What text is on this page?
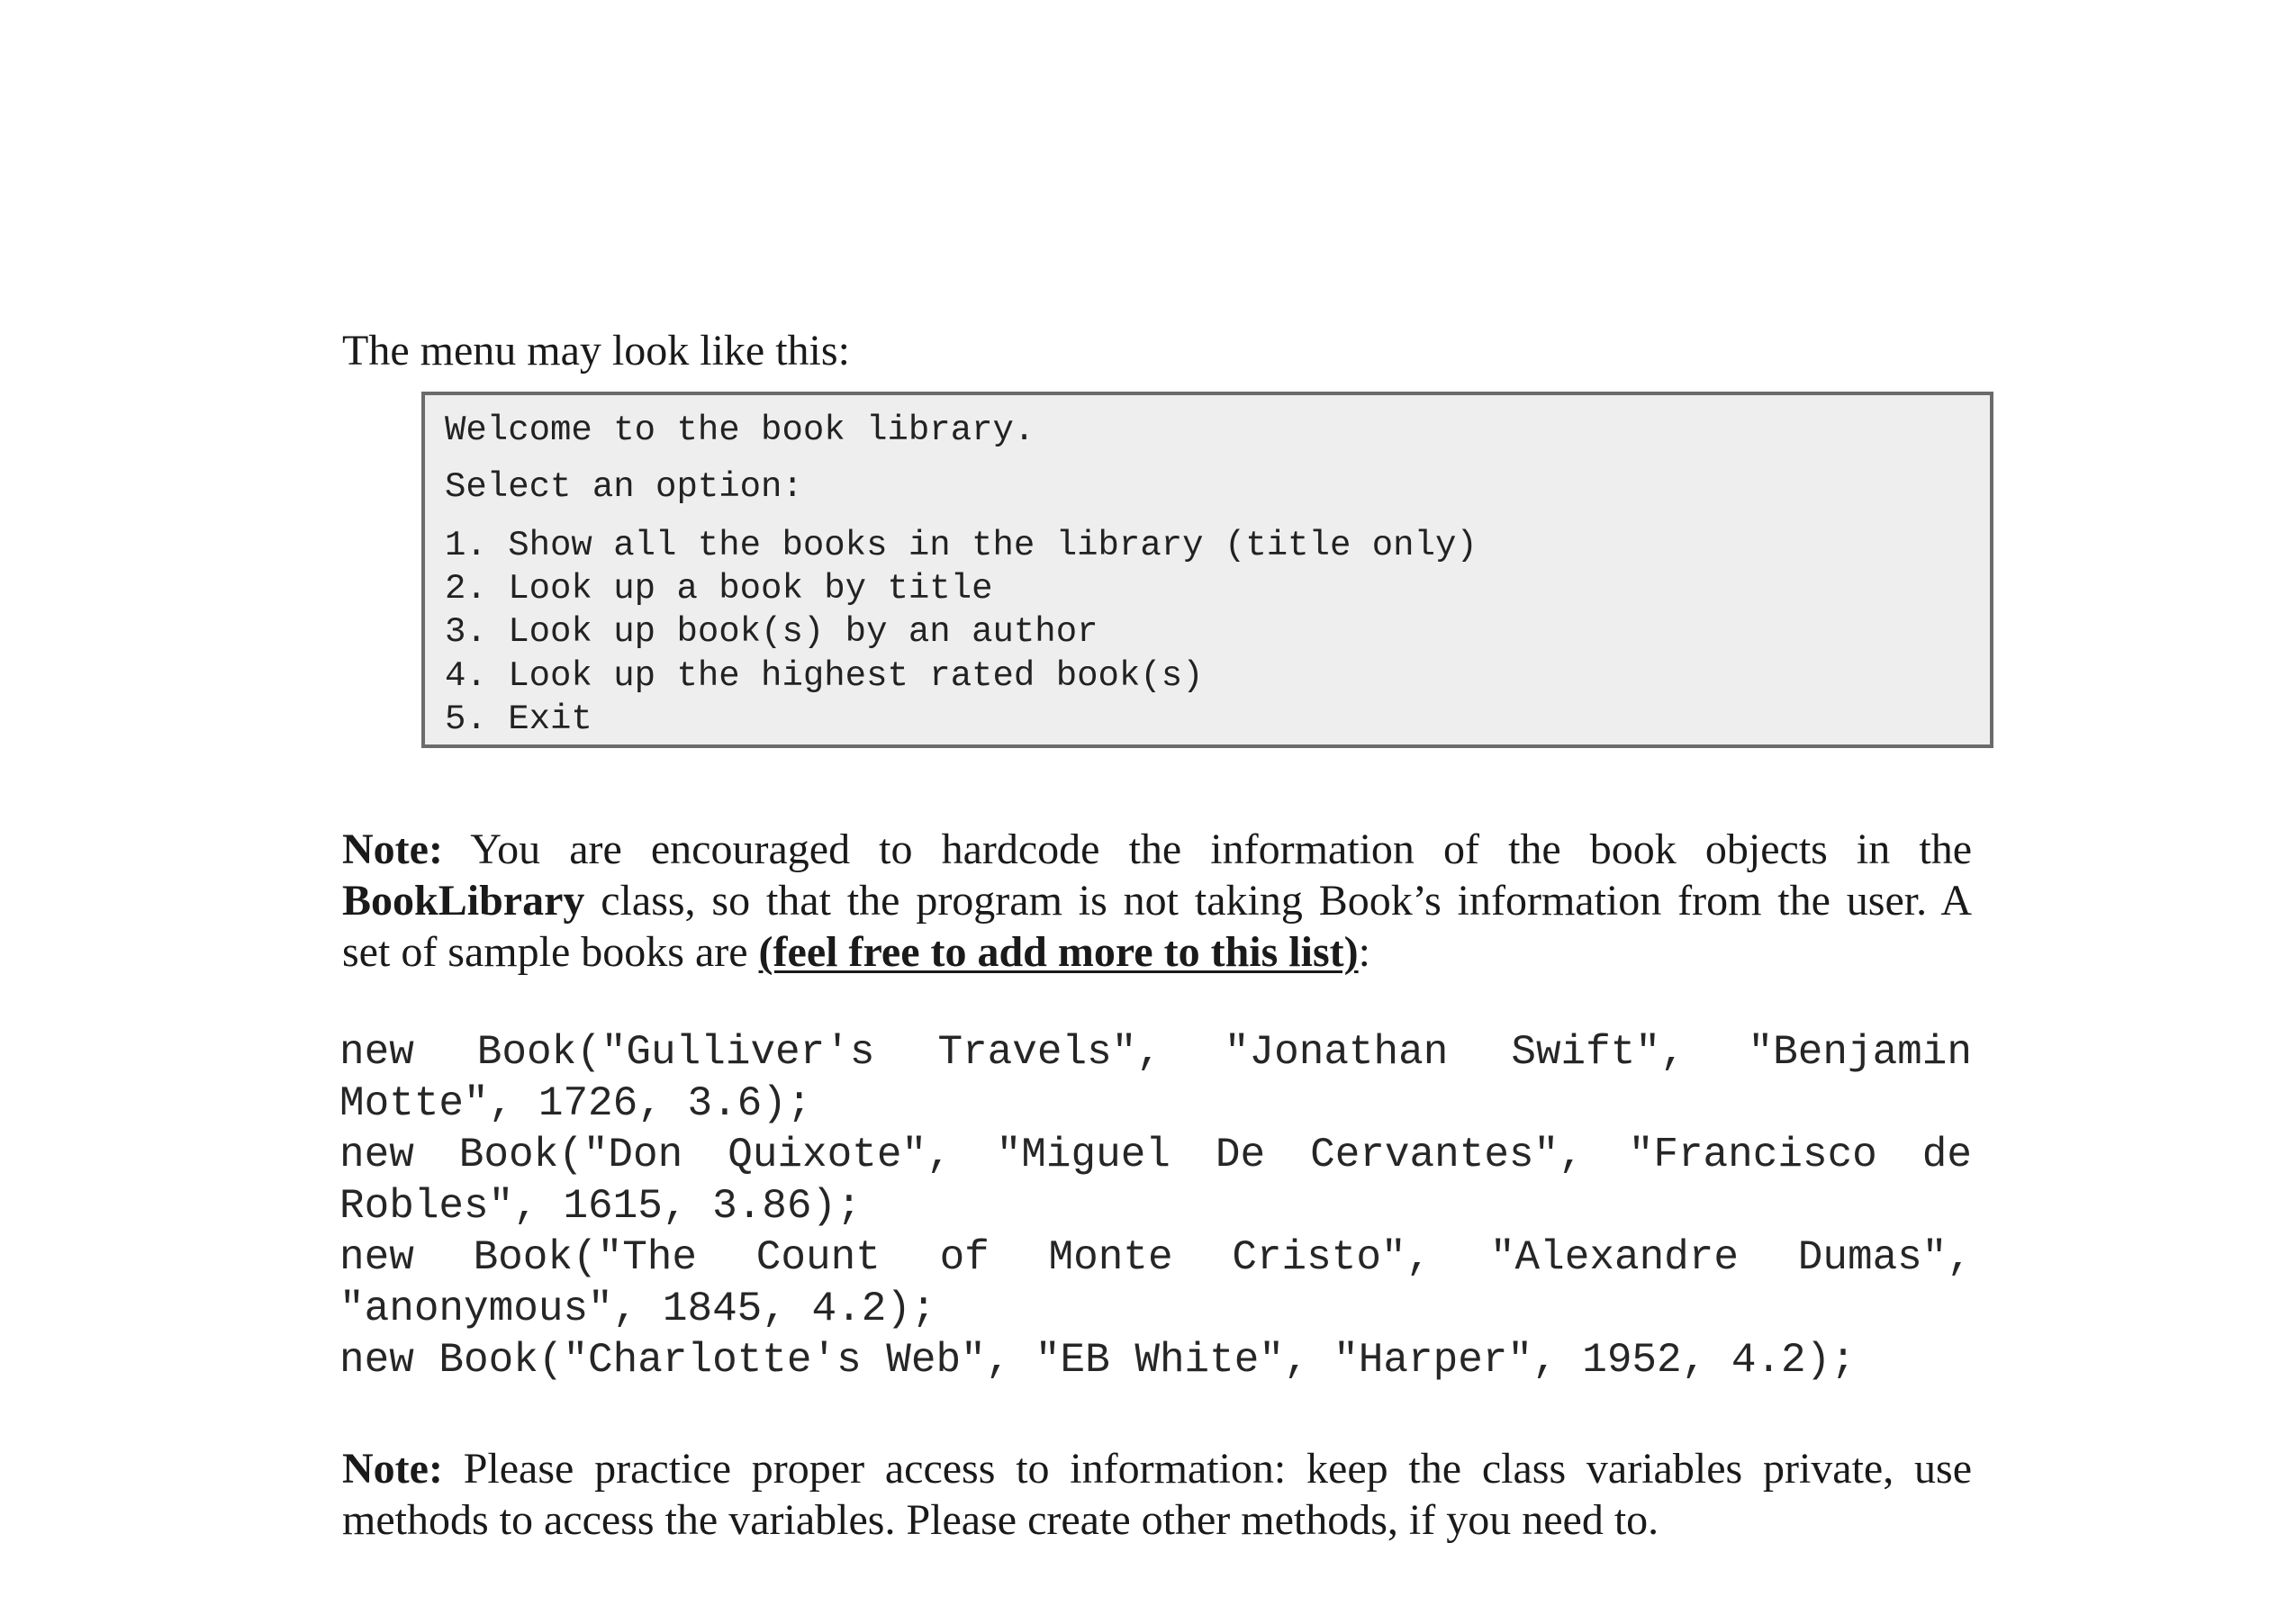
The menu may look like this:
Welcome to the book library.
Select an option:
1. Show all the books in the library (title only)
2. Look up a book by title
3. Look up book(s) by an author
4. Look up the highest rated book(s)
5. Exit
Note: You are encouraged to hardcode the information of the book objects in the
BookLibrary class, so that the program is not taking Book’s information from the user. A
set of sample books are (feel free to add more to this list):
new Book("Gulliver's Travels", "Jonathan Swift", "Benjamin
Motte", 1726, 3.6);
new Book("Don Quixote", "Miguel De Cervantes", "Francisco de
Robles", 1615, 3.86);
new Book("The Count of Monte Cristo", "Alexandre Dumas",
"anonymous", 1845, 4.2);
new Book("Charlotte's Web", "EB White", "Harper", 1952, 4.2);
Note: Please practice proper access to information: keep the class variables private, use
methods to access the variables. Please create other methods, if you need to.
